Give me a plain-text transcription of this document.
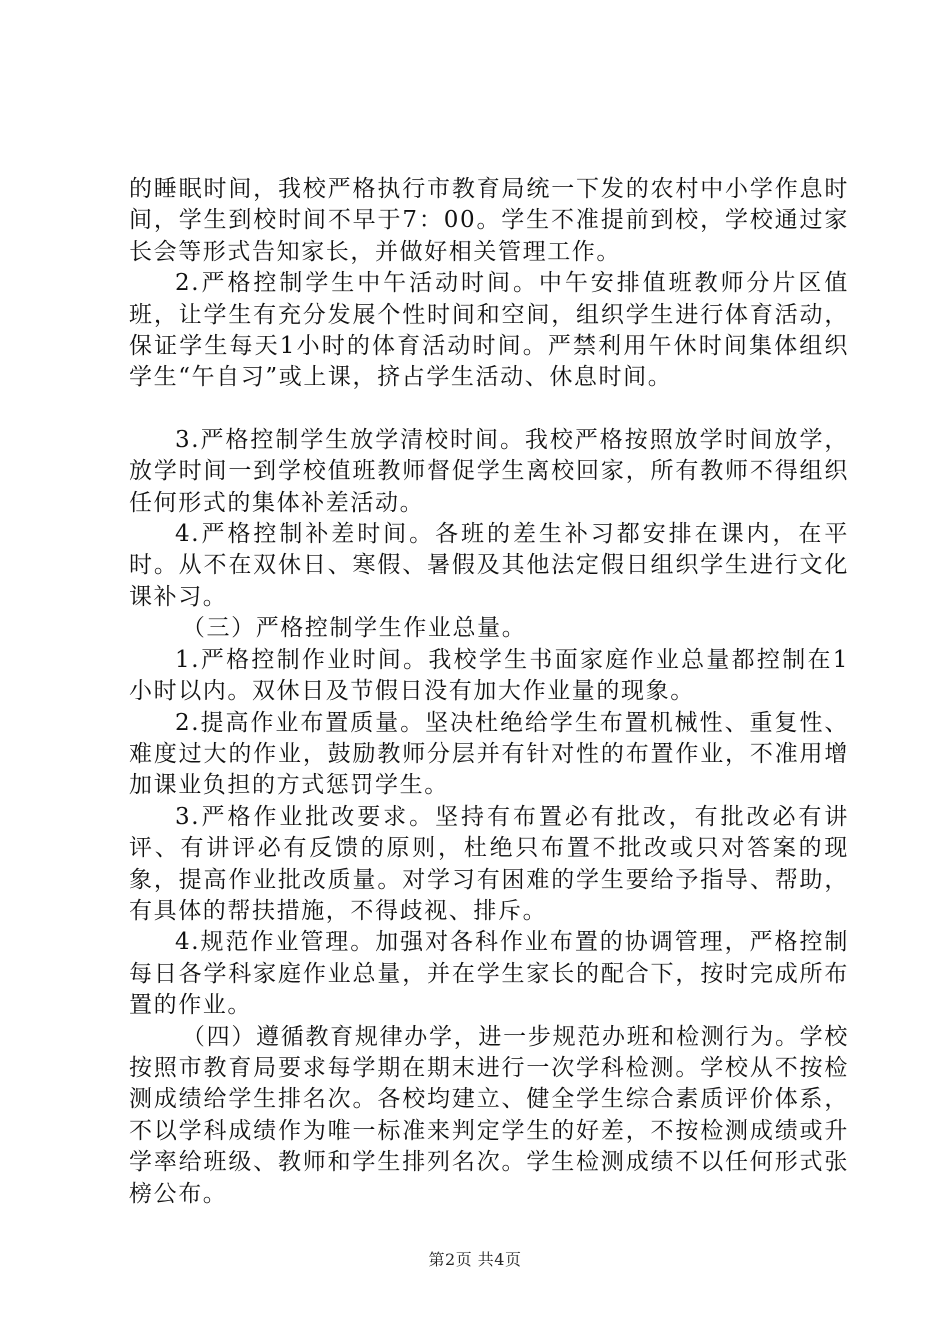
的睡眠时间，我校严格执行市教育局统一下发的农村中小学作息时间，学生到校时间不早于7：00。学生不准提前到校，学校通过家长会等形式告知家长，并做好相关管理工作。

2.严格控制学生中午活动时间。中午安排值班教师分片区值班，让学生有充分发展个性时间和空间，组织学生进行体育活动，保证学生每天1小时的体育活动时间。严禁利用午休时间集体组织学生“午自习”或上课，挤占学生活动、休息时间。

3.严格控制学生放学清校时间。我校严格按照放学时间放学，放学时间一到学校值班教师督促学生离校回家，所有教师不得组织任何形式的集体补差活动。

4.严格控制补差时间。各班的差生补习都安排在课内，在平时。从不在双休日、寒假、暑假及其他法定假日组织学生进行文化课补习。

（三）严格控制学生作业总量。

1.严格控制作业时间。我校学生书面家庭作业总量都控制在1小时以内。双休日及节假日没有加大作业量的现象。

2.提高作业布置质量。坚决杜绝给学生布置机械性、重复性、难度过大的作业，鼓励教师分层并有针对性的布置作业，不准用增加课业负担的方式惩罚学生。

3.严格作业批改要求。坚持有布置必有批改，有批改必有讲评、有讲评必有反馈的原则，杜绝只布置不批改或只对答案的现象，提高作业批改质量。对学习有困难的学生要给予指导、帮助，有具体的帮扶措施，不得歧视、排斥。

4.规范作业管理。加强对各科作业布置的协调管理，严格控制每日各学科家庭作业总量，并在学生家长的配合下，按时完成所布置的作业。

（四）遵循教育规律办学，进一步规范办班和检测行为。学校按照市教育局要求每学期在期末进行一次学科检测。学校从不按检测成绩给学生排名次。各校均建立、健全学生综合素质评价体系，不以学科成绩作为唯一标准来判定学生的好差，不按检测成绩或升学率给班级、教师和学生排列名次。学生检测成绩不以任何形式张榜公布。

第2页 共4页
